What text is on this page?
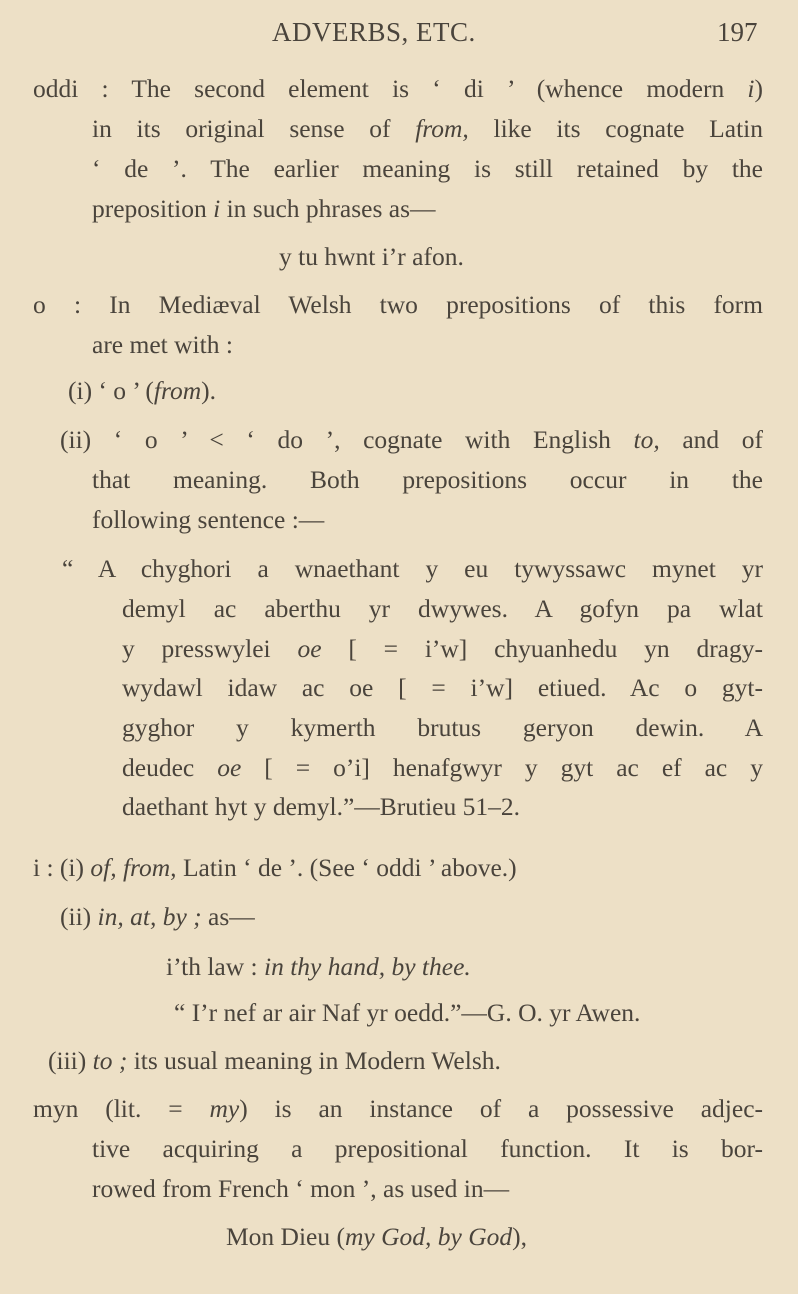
ADVERBS, ETC.	197
oddi : The second element is ‘ di ’ (whence modern i)
in its original sense of from, like its cognate Latin
‘ de ’. The earlier meaning is still retained by the
preposition i in such phrases as—
y tu hwnt i’r afon.
o : In Mediæval Welsh two prepositions of this form
are met with :
(i) ‘ o ’ (from).
(ii) ‘ o ’ < ‘ do ’, cognate with English to, and of
that meaning. Both prepositions occur in the
following sentence :—
“ A chyghori a wnaethant y eu tywyssawc mynet yr
demyl ac aberthu yr dwywes. A gofyn pa wlat
y presswylei oe [ = i’w] chyuanhedu yn dragy-
wydawl idaw ac oe [ = i’w] etiued. Ac o gyt-
gyghor y kymerth brutus geryon dewin. A
deudec oe [ = o’i] henafgwyr y gyt ac ef ac y
daethant hyt y demyl.”—Brutieu 51–2.
i : (i) of, from, Latin ‘ de ’. (See ‘ oddi ’ above.)
(ii) in, at, by ; as—
i’th law : in thy hand, by thee.
“ I’r nef ar air Naf yr oedd.”—G. O. yr Awen.
(iii) to ; its usual meaning in Modern Welsh.
myn (lit. = my) is an instance of a possessive adjec-
tive acquiring a prepositional function. It is bor-
rowed from French ‘ mon ’, as used in—
Mon Dieu (my God, by God),
